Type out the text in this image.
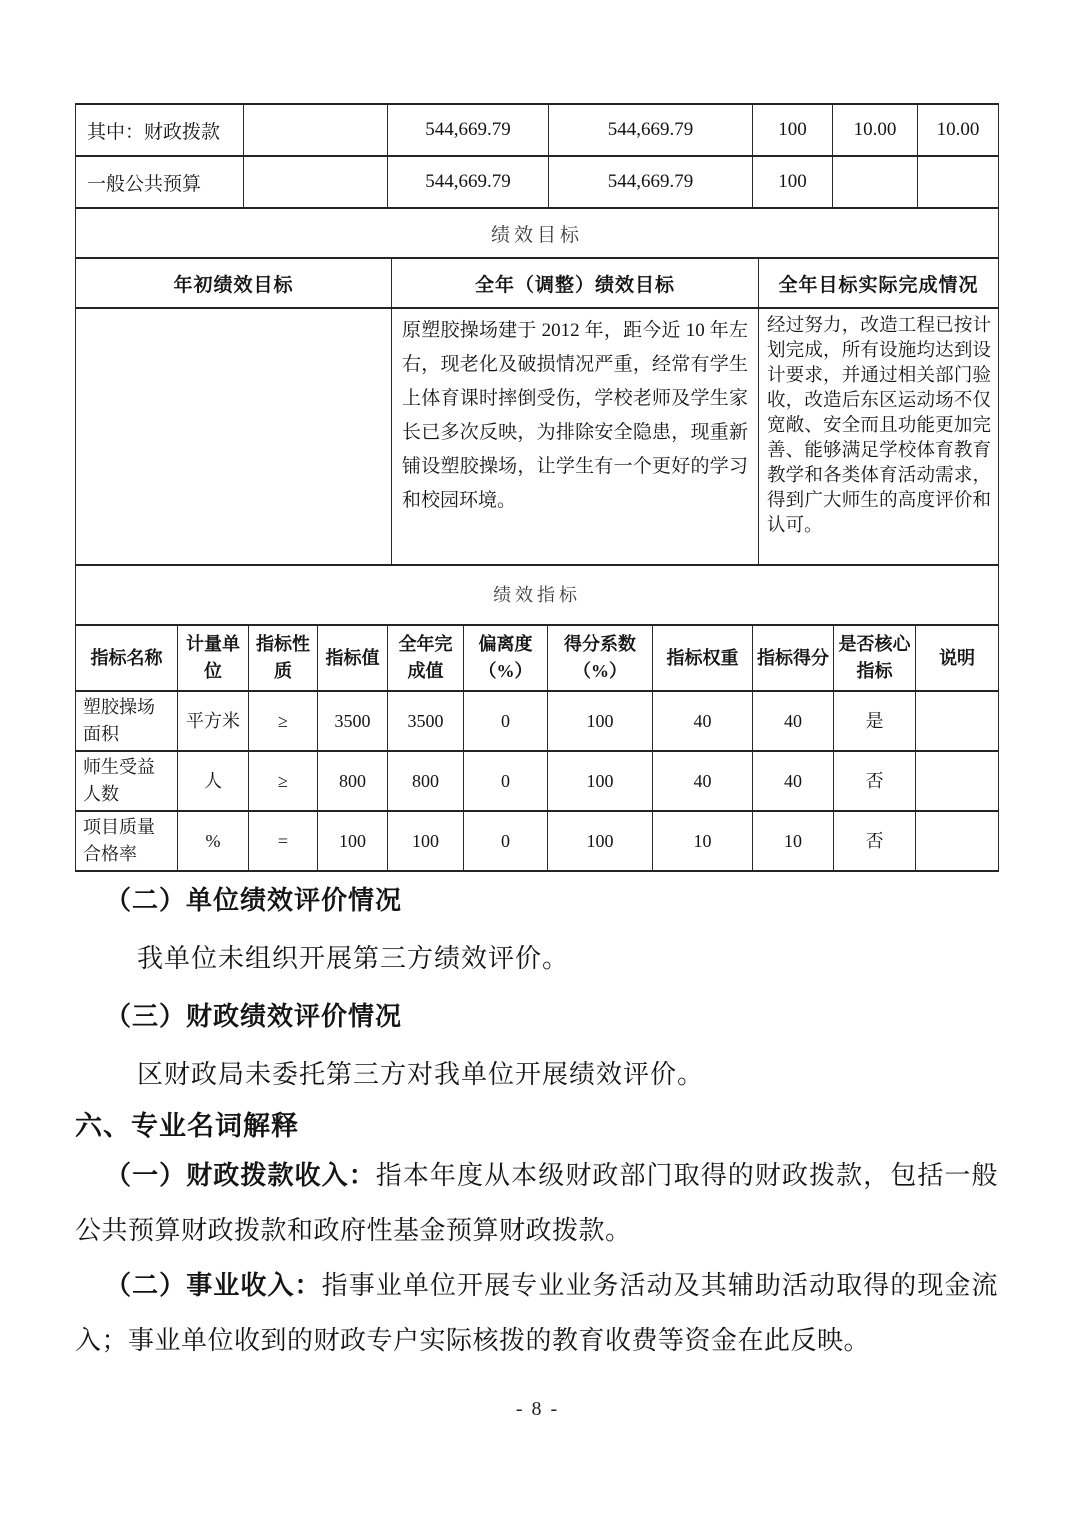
其中：财政拨款		544,669.79	544,669.79	100	10.00	10.00
一般公共预算		544,669.79	544,669.79	100		
绩效目标		
年初绩效目标	全年（调整）绩效目标	全年目标实际完成情况
	原塑胶操场建于 2012 年，距今近 10 年左右，现老化及破损情况严重，经常有学生上体育课时摔倒受伤，学校老师及学生家长已多次反映，为排除安全隐患，现重新铺设塑胶操场，让学生有一个更好的学习和校园环境。	经过努力，改造工程已按计划完成，所有设施均达到设计要求，并通过相关部门验收，改造后东区运动场不仅宽敞、安全而且功能更加完善、能够满足学校体育教育教学和各类体育活动需求，得到广大师生的高度评价和认可。
绩效指标										
指标名称	计量单位	指标性质	指标值	全年完成值	偏离度（%）	得分系数（%）	指标权重	指标得分	是否核心指标	说明
塑胶操场面积	平方米	≥	3500	3500	0	100	40	40	是	
师生受益人数	人	≥	800	800	0	100	40	40	否	
项目质量合格率	%	=	100	100	0	100	10	10	否	
（二）单位绩效评价情况

我单位未组织开展第三方绩效评价。

（三）财政绩效评价情况

区财政局未委托第三方对我单位开展绩效评价。

六、专业名词解释

（一）财政拨款收入：指本年度从本级财政部门取得的财政拨款，包括一般公共预算财政拨款和政府性基金预算财政拨款。

（二）事业收入：指事业单位开展专业业务活动及其辅助活动取得的现金流入；事业单位收到的财政专户实际核拨的教育收费等资金在此反映。

- 8 -
